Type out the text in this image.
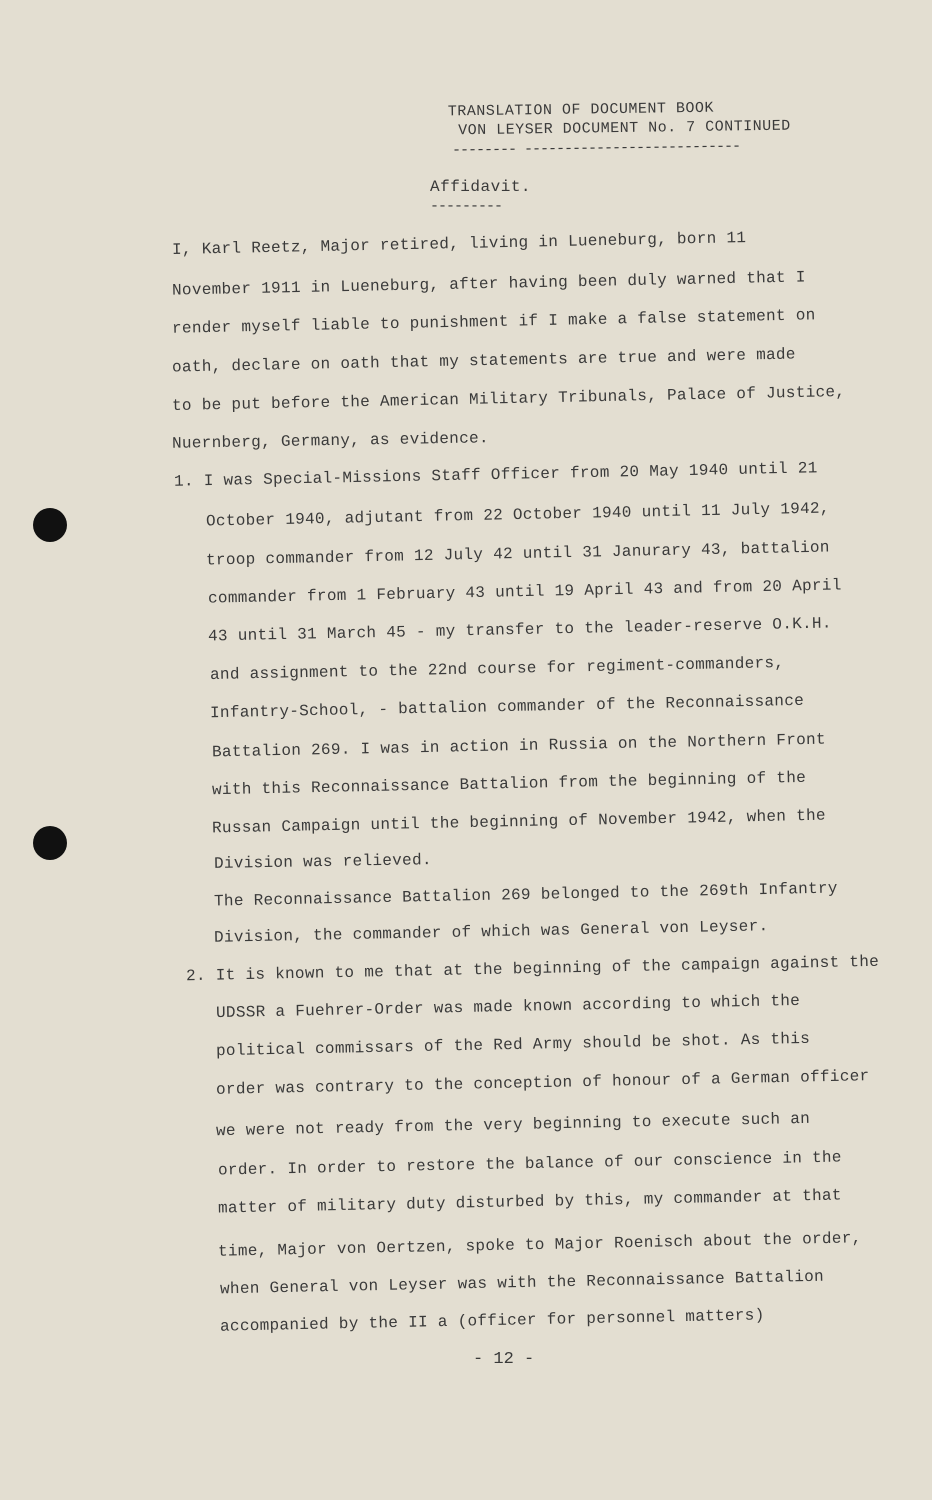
TRANSLATION OF DOCUMENT BOOK
VON LEYSER DOCUMENT No. 7 CONTINUED
-------- ---------------------------
Affidavit.
---------
I, Karl Reetz, Major retired, living in Lueneburg, born 11
November 1911 in Lueneburg, after having been duly warned that I
render myself liable to punishment if I make a false statement on
oath, declare on oath that my statements are true and were made
to be put before the American Military Tribunals, Palace of Justice,
Nuernberg, Germany, as evidence.
1. I was Special-Missions Staff Officer from 20 May 1940 until 21
October 1940, adjutant from 22 October 1940 until 11 July 1942,
troop commander from 12 July 42 until 31 Janurary 43, battalion
commander from 1 February 43 until 19 April 43 and from 20 April
43 until 31 March 45 - my transfer to the leader-reserve O.K.H.
and assignment to the 22nd course for regiment-commanders,
Infantry-School, - battalion commander of the Reconnaissance
Battalion 269. I was in action in Russia on the Northern Front
with this Reconnaissance Battalion from the beginning of the
Russan Campaign until the beginning of November 1942, when the
Division was relieved.
The Reconnaissance Battalion 269 belonged to the 269th Infantry
Division, the commander of which was General von Leyser.
2. It is known to me that at the beginning of the campaign against the
UDSSR a Fuehrer-Order was made known according to which the
political commissars of the Red Army should be shot. As this
order was contrary to the conception of honour of a German officer
we were not ready from the very beginning to execute such an
order. In order to restore the balance of our conscience in the
matter of military duty disturbed by this, my commander at that
time, Major von Oertzen, spoke to Major Roenisch about the order,
when General von Leyser was with the Reconnaissance Battalion
accompanied by the II a (officer for personnel matters)
- 12 -
